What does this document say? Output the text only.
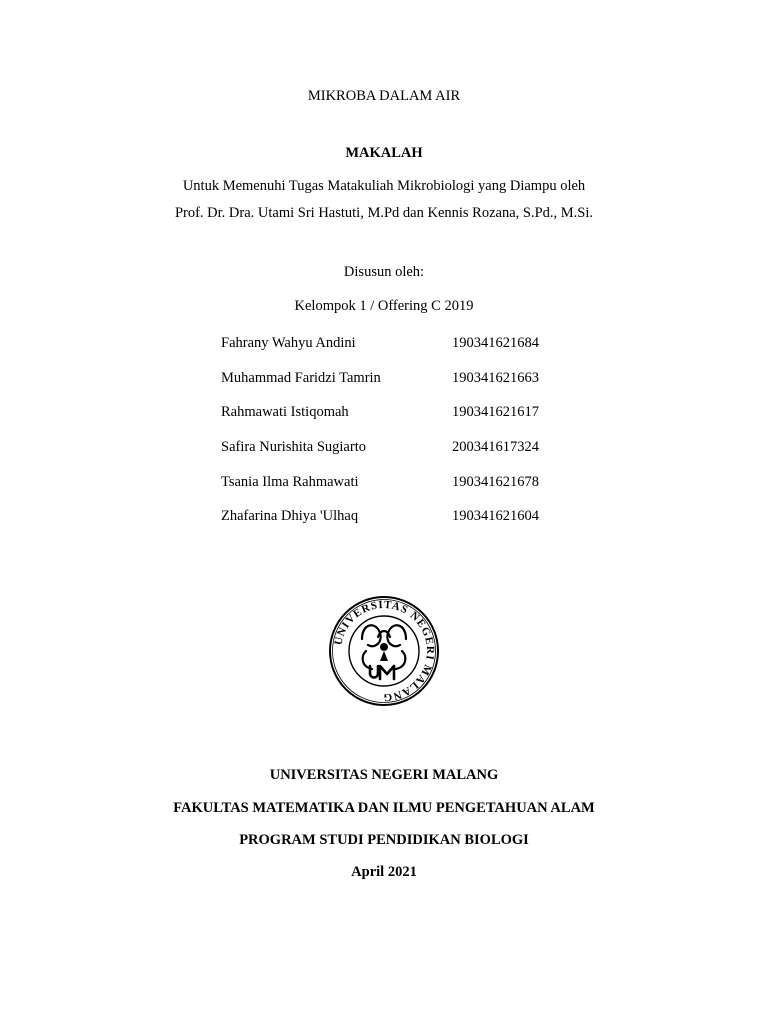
MIKROBA DALAM AIR
MAKALAH
Untuk Memenuhi Tugas Matakuliah Mikrobiologi yang Diampu oleh
Prof. Dr. Dra. Utami Sri Hastuti, M.Pd dan Kennis Rozana, S.Pd., M.Si.
Disusun oleh:
Kelompok 1 / Offering C 2019
Fahrany Wahyu Andini	190341621684
Muhammad Faridzi Tamrin	190341621663
Rahmawati Istiqomah	190341621617
Safira Nurishita Sugiarto	200341617324
Tsania Ilma Rahmawati	190341621678
Zhafarina Dhiya 'Ulhaq	190341621604
UNIVERSITAS NEGERI MALANG
UNIVERSITAS NEGERI MALANG
FAKULTAS MATEMATIKA DAN ILMU PENGETAHUAN ALAM
PROGRAM STUDI PENDIDIKAN BIOLOGI
April 2021
